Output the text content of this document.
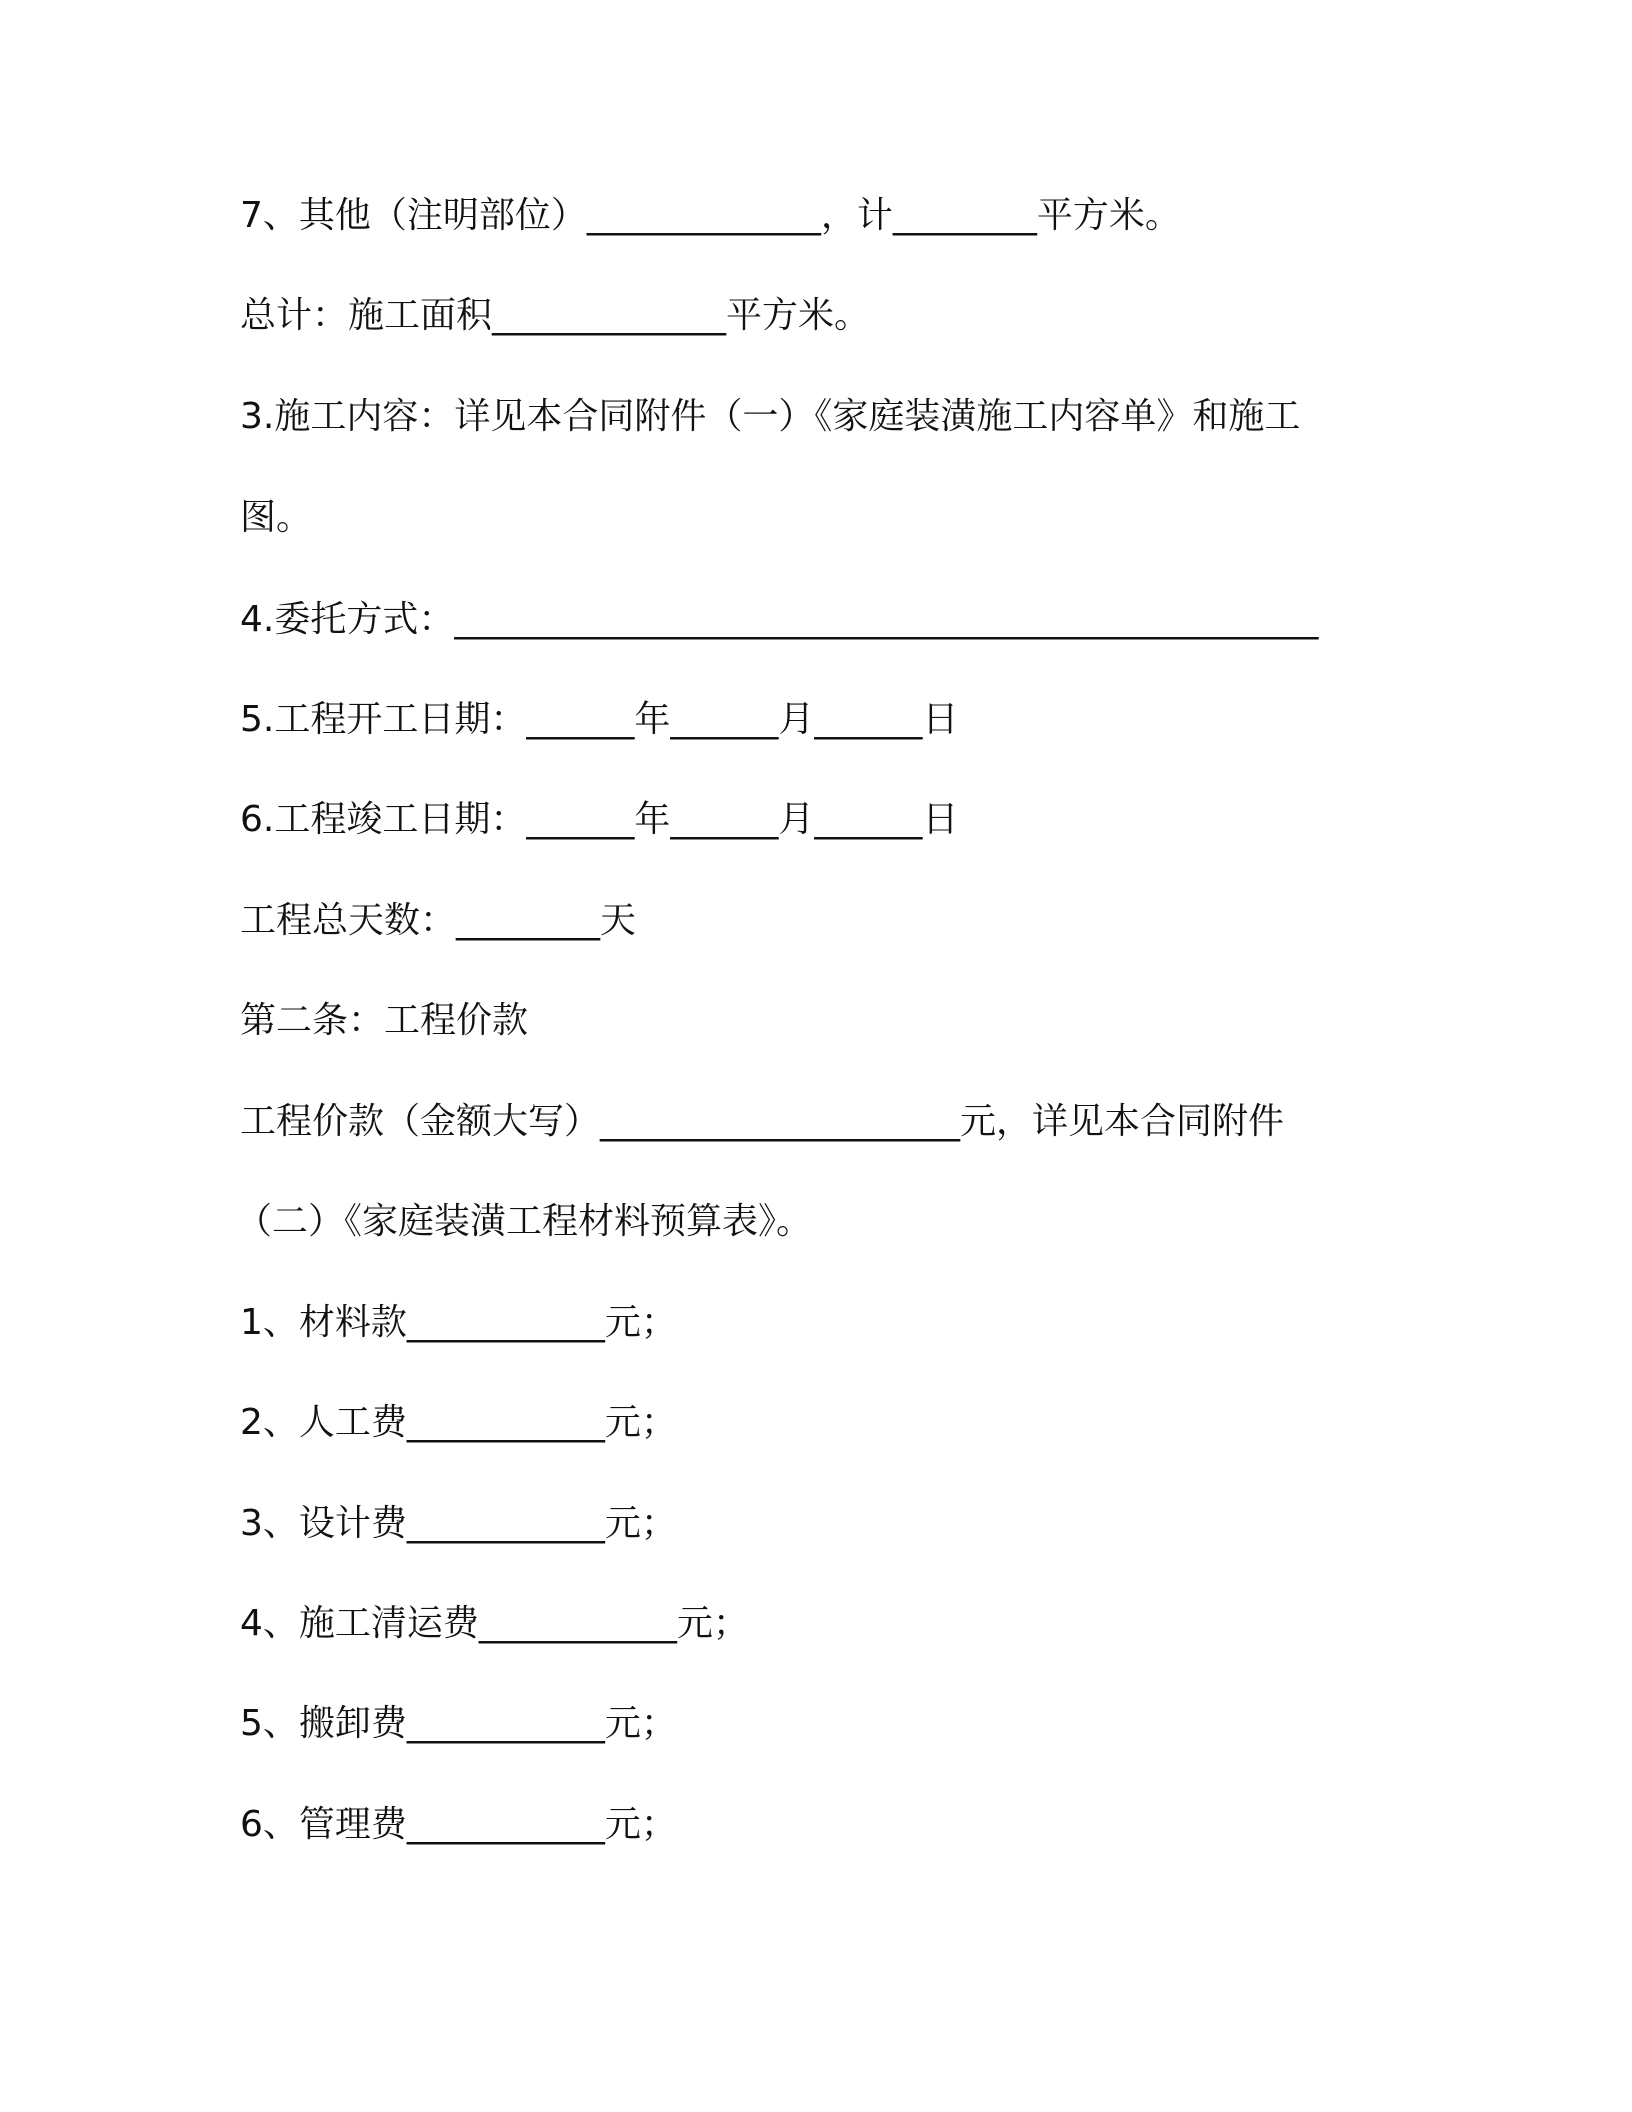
7、其他（注明部位）_____________，计________平方米。
总计：施工面积_____________平方米。
3.施工内容：详见本合同附件（一）《家庭装潢施工内容单》和施工
图。
4.委托方式：________________________________________________
5.工程开工日期：______年______月______日
6.工程竣工日期：______年______月______日
工程总天数：________天
第二条：工程价款
工程价款（金额大写）____________________元，详见本合同附件
（二）《家庭装潢工程材料预算表》。
1、材料款___________元；
2、人工费___________元；
3、设计费___________元；
4、施工清运费___________元；
5、搬卸费___________元；
6、管理费___________元；
